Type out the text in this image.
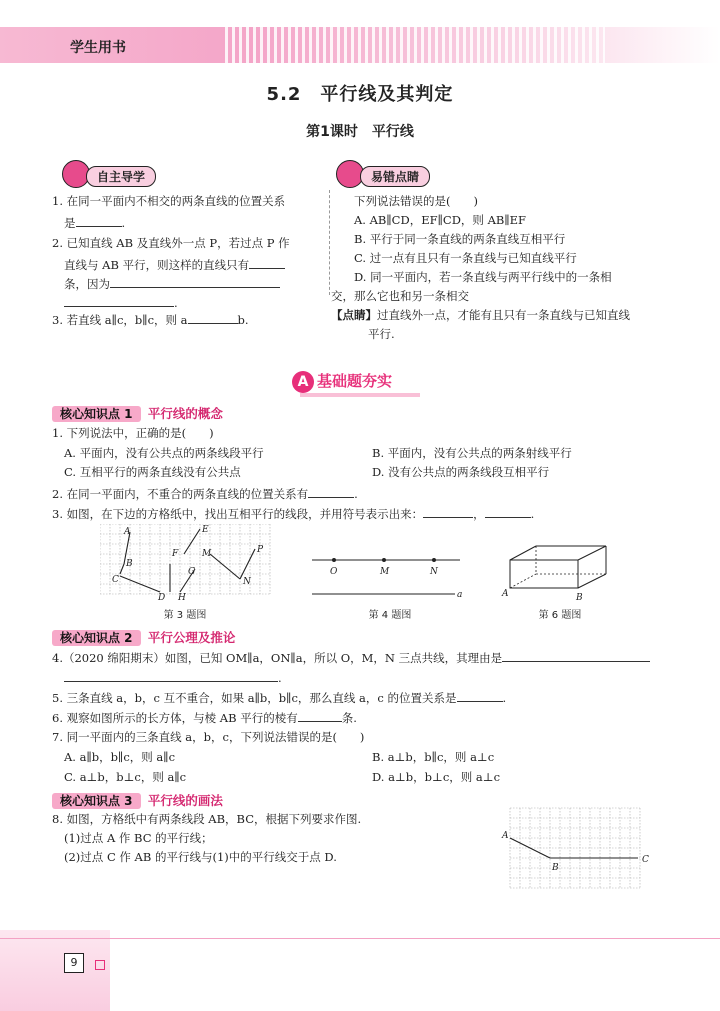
学生用书
5.2　平行线及其判定
第1课时　平行线
自主导学
1. 在同一平面内不相交的两条直线的位置关系
是	.
2. 已知直线 AB 及直线外一点 P，若过点 P 作
直线与 AB 平行，则这样的直线只有
条，因为
.
3. 若直线 a∥c，b∥c，则 a	b.
易错点睛
下列说法错误的是(　　)
A. AB∥CD，EF∥CD，则 AB∥EF
B. 平行于同一条直线的两条直线互相平行
C. 过一点有且只有一条直线与已知直线平行
D. 同一平面内，若一条直线与两平行线中的一条相
交，那么它也和另一条相交
【点睛】过直线外一点，才能有且只有一条直线与已知直线
平行.
A 基础题夯实
核心知识点 1 平行线的概念
1. 下列说法中，正确的是(　　)
A. 平面内，没有公共点的两条线段平行	B. 平面内，没有公共点的两条射线平行
C. 互相平行的两条直线没有公共点	D. 没有公共点的两条线段互相平行
2. 在同一平面内，不重合的两条直线的位置关系有	.
3. 如图，在下边的方格纸中，找出互相平行的线段，并用符号表示出来：	，	.
A	E
B
F	M	P
C
G
N
D H
第 3 题图
O	M	N
a
第 4 题图
A	B
第 6 题图
核心知识点 2 平行公理及推论
4.（2020 绵阳期末）如图，已知 OM∥a，ON∥a，所以 O，M，N 三点共线，其理由是
.
5. 三条直线 a，b，c 互不重合，如果 a∥b，b∥c，那么直线 a，c 的位置关系是	.
6. 观察如图所示的长方体，与棱 AB 平行的棱有	条.
7. 同一平面内的三条直线 a，b，c，下列说法错误的是(　　)
A. a∥b，b∥c，则 a∥c	B. a⊥b，b∥c，则 a⊥c
C. a⊥b，b⊥c，则 a∥c	D. a⊥b，b⊥c，则 a⊥c
核心知识点 3 平行线的画法
8. 如图，方格纸中有两条线段 AB，BC，根据下列要求作图.
(1)过点 A 作 BC 的平行线；
(2)过点 C 作 AB 的平行线与(1)中的平行线交于点 D.
A
B
C
9
